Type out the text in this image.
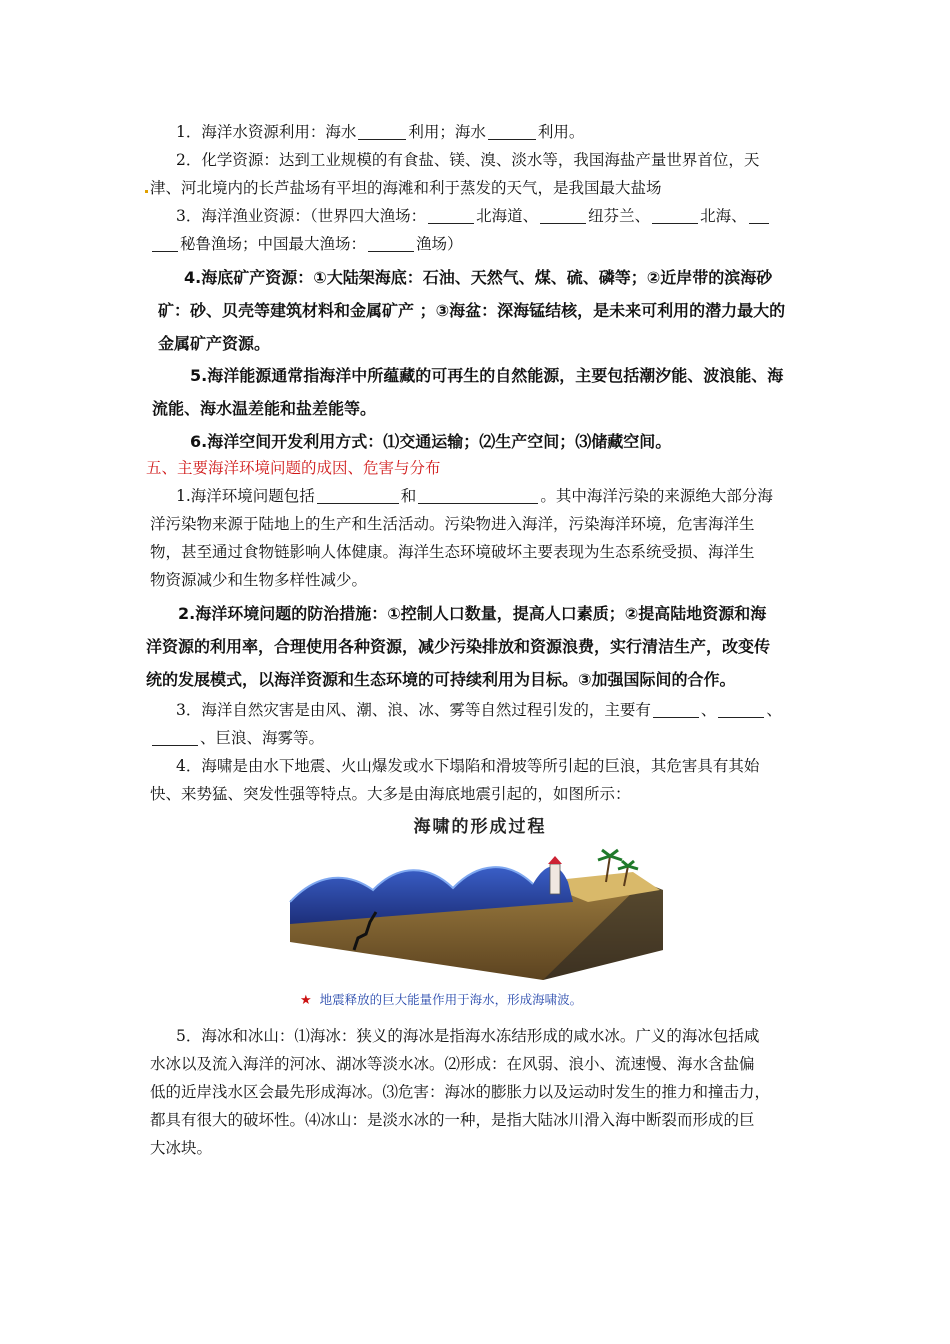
1．海洋水资源利用：海水	利用；海水	利用。
2．化学资源：达到工业规模的有食盐、镁、溴、淡水等，我国海盐产量世界首位，天
津、河北境内的长芦盐场有平坦的海滩和利于蒸发的天气，是我国最大盐场
3．海洋渔业资源：（世界四大渔场：	北海道、	纽芬兰、	北海、
秘鲁渔场；中国最大渔场：	渔场）
4.海底矿产资源：①大陆架海底：石油、天然气、煤、硫、磷等；②近岸带的滨海砂
矿：砂、贝壳等建筑材料和金属矿产 ；③海盆：深海锰结核，是未来可利用的潜力最大的
金属矿产资源。
5.海洋能源通常指海洋中所蕴藏的可再生的自然能源，主要包括潮汐能、波浪能、海
流能、海水温差能和盐差能等。
6.海洋空间开发利用方式：⑴交通运输；⑵生产空间；⑶储藏空间。
五、主要海洋环境问题的成因、危害与分布
1.海洋环境问题包括	和	。其中海洋污染的来源绝大部分海
洋污染物来源于陆地上的生产和生活活动。污染物进入海洋，污染海洋环境，危害海洋生
物，甚至通过食物链影响人体健康。海洋生态环境破坏主要表现为生态系统受损、海洋生
物资源减少和生物多样性减少。
2.海洋环境问题的防治措施：①控制人口数量，提高人口素质；②提高陆地资源和海
洋资源的利用率，合理使用各种资源，减少污染排放和资源浪费，实行清洁生产，改变传
统的发展模式，以海洋资源和生态环境的可持续利用为目标。③加强国际间的合作。
3．海洋自然灾害是由风、潮、浪、冰、雾等自然过程引发的，主要有	、	、
、巨浪、海雾等。
4．海啸是由水下地震、火山爆发或水下塌陷和滑坡等所引起的巨浪，其危害具有其始
快、来势猛、突发性强等特点。大多是由海底地震引起的，如图所示：
海啸的形成过程
★ 地震释放的巨大能量作用于海水，形成海啸波。
5．海冰和冰山：⑴海冰：狭义的海冰是指海水冻结形成的咸水冰。广义的海冰包括咸
水冰以及流入海洋的河冰、湖冰等淡水冰。⑵形成：在风弱、浪小、流速慢、海水含盐偏
低的近岸浅水区会最先形成海冰。⑶危害：海冰的膨胀力以及运动时发生的推力和撞击力，
都具有很大的破坏性。⑷冰山：是淡水冰的一种，是指大陆冰川滑入海中断裂而形成的巨
大冰块。
